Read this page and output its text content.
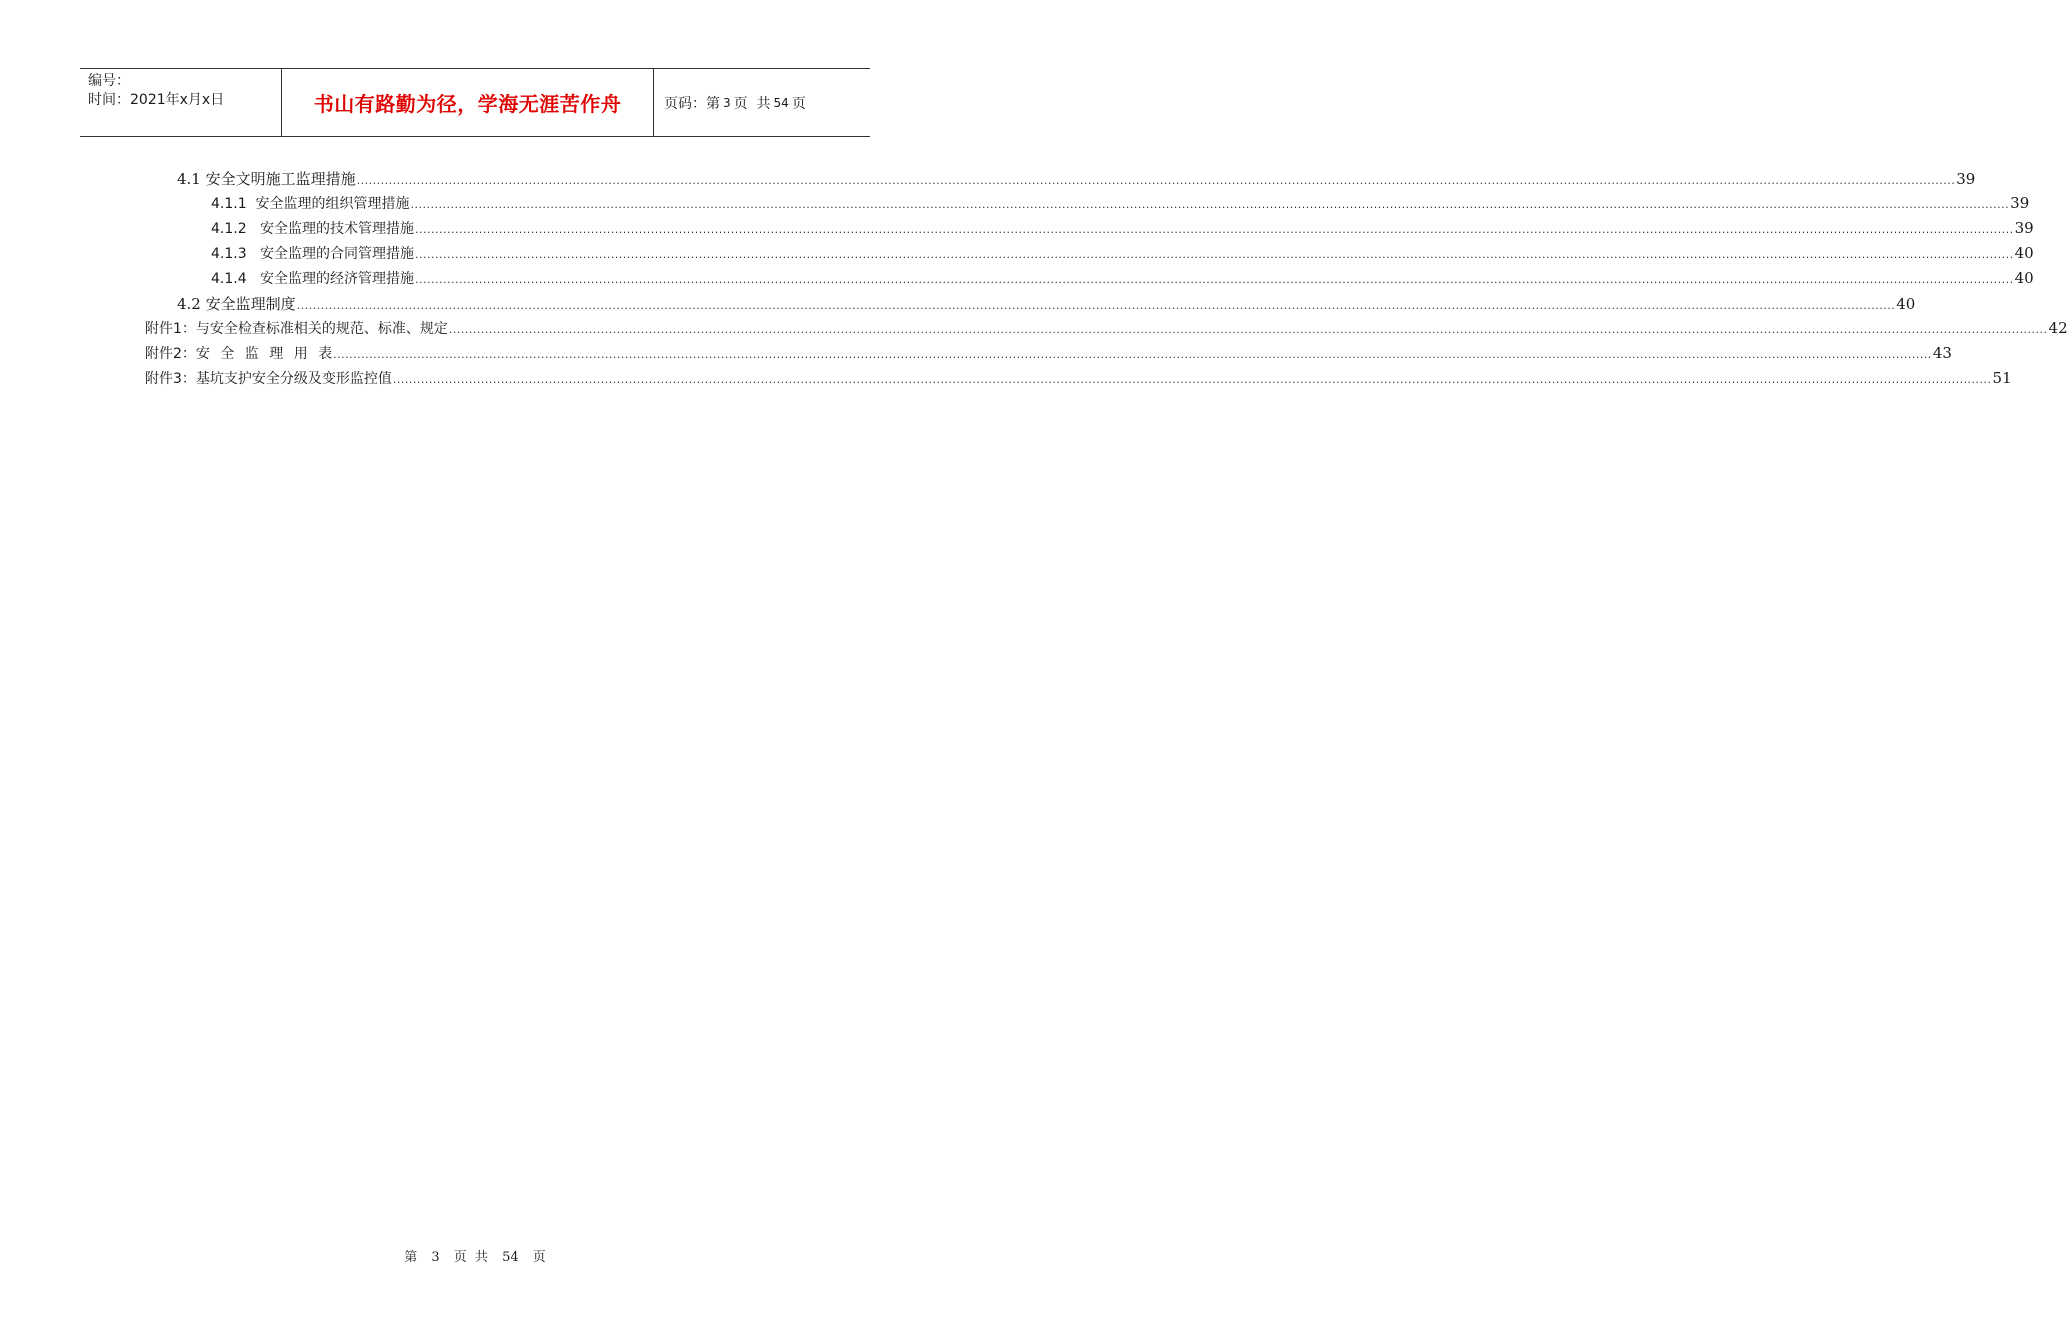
编号：
时间：2021年x月x日	书山有路勤为径，学海无涯苦作舟	页码：第 3 页  共 54 页
4.1 安全文明施工监理措施 ................................................................................................................................................................................................................................................................................................................................................................................................................ 39
4.1.1  安全监理的组织管理措施 ................................................................................................................................................................................................................................................................................................................................................................................................................ 39
4.1.2   安全监理的技术管理措施 ................................................................................................................................................................................................................................................................................................................................................................................................................ 39
4.1.3   安全监理的合同管理措施 ................................................................................................................................................................................................................................................................................................................................................................................................................ 40
4.1.4   安全监理的经济管理措施 ................................................................................................................................................................................................................................................................................................................................................................................................................ 40
4.2 安全监理制度 ................................................................................................................................................................................................................................................................................................................................................................................................................ 40
附件1：与安全检查标准相关的规范、标准、规定 ................................................................................................................................................................................................................................................................................................................................................................................................................ 42
附件2：安 全 监 理 用 表 ................................................................................................................................................................................................................................................................................................................................................................................................................ 43
附件3：基坑支护安全分级及变形监控值 ................................................................................................................................................................................................................................................................................................................................................................................................................ 51
第 3 页 共 54 页
